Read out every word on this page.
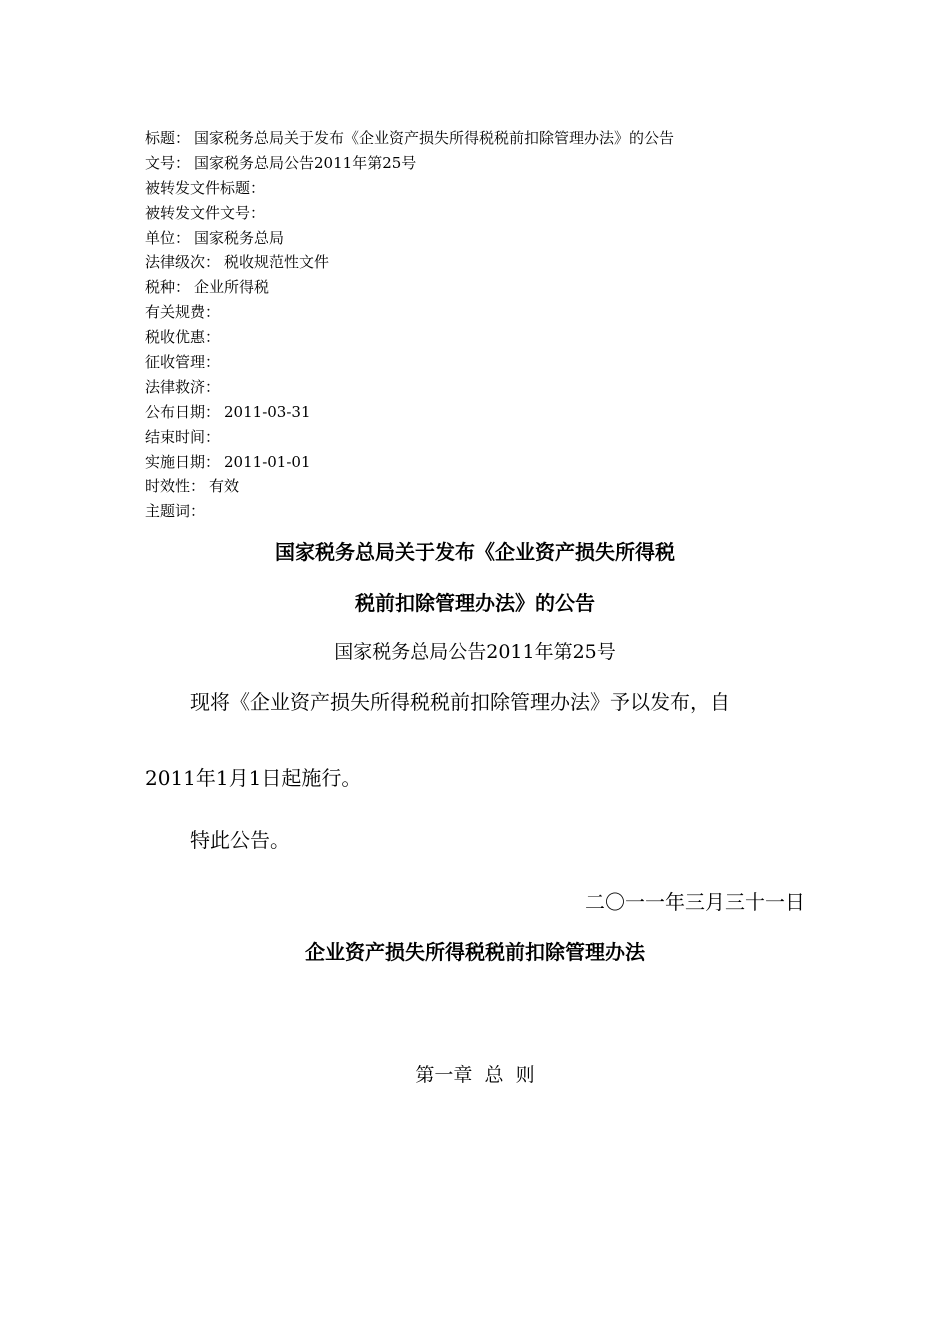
标题： 国家税务总局关于发布《企业资产损失所得税税前扣除管理办法》的公告
文号： 国家税务总局公告2011年第25号
被转发文件标题：
被转发文件文号：
单位： 国家税务总局
法律级次： 税收规范性文件
税种： 企业所得税
有关规费：
税收优惠：
征收管理：
法律救济：
公布日期： 2011-03-31
结束时间：
实施日期： 2011-01-01
时效性： 有效
主题词：
国家税务总局关于发布《企业资产损失所得税
税前扣除管理办法》的公告
国家税务总局公告2011年第25号
现将《企业资产损失所得税税前扣除管理办法》予以发布，自
2011年1月1日起施行。
特此公告。
二〇一一年三月三十一日
企业资产损失所得税税前扣除管理办法
第一章  总  则
